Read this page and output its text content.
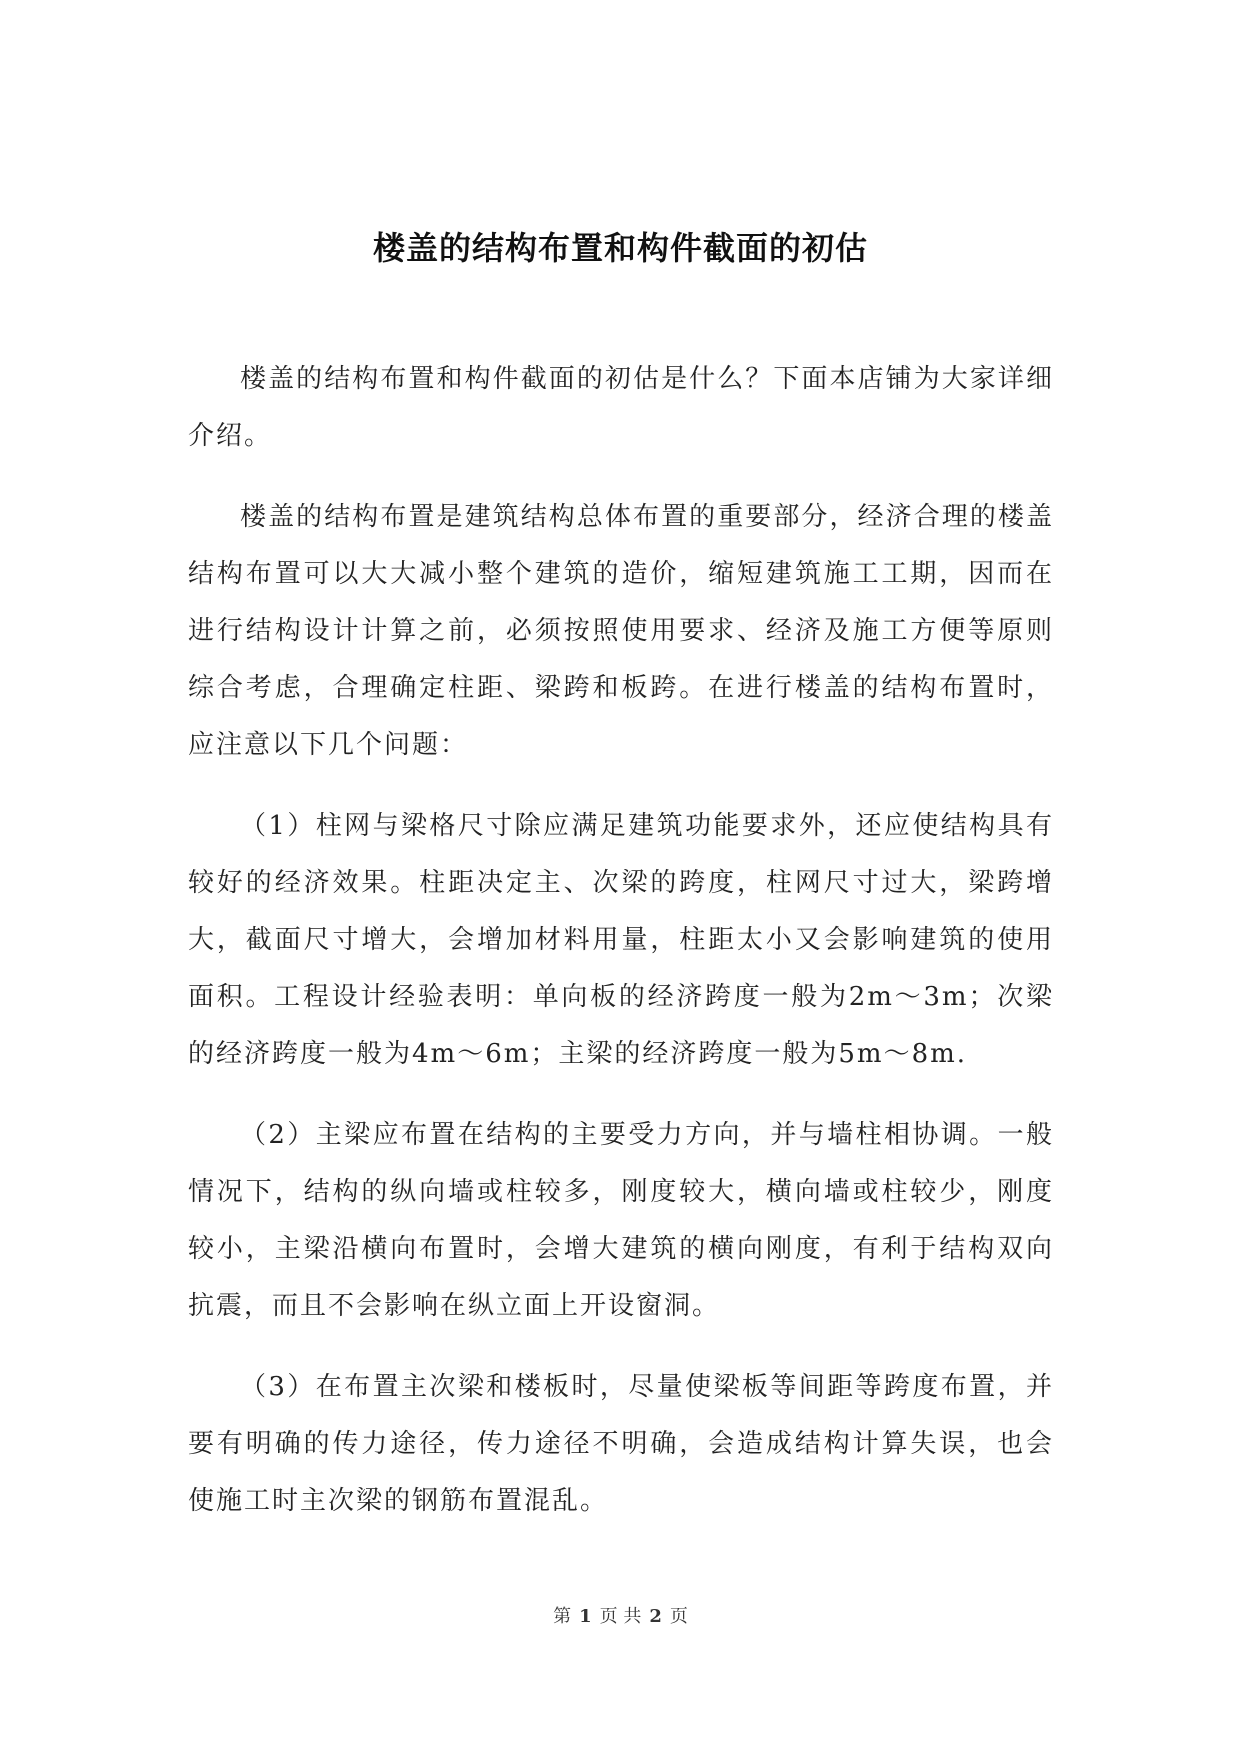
楼盖的结构布置和构件截面的初估

楼盖的结构布置和构件截面的初估是什么？下面本店铺为大家详细介绍。

楼盖的结构布置是建筑结构总体布置的重要部分，经济合理的楼盖结构布置可以大大减小整个建筑的造价，缩短建筑施工工期，因而在进行结构设计计算之前，必须按照使用要求、经济及施工方便等原则综合考虑，合理确定柱距、梁跨和板跨。在进行楼盖的结构布置时，应注意以下几个问题：

（1）柱网与梁格尺寸除应满足建筑功能要求外，还应使结构具有较好的经济效果。柱距决定主、次梁的跨度，柱网尺寸过大，梁跨增大，截面尺寸增大，会增加材料用量，柱距太小又会影响建筑的使用面积。工程设计经验表明：单向板的经济跨度一般为2m～3m；次梁的经济跨度一般为4m～6m；主梁的经济跨度一般为5m～8m.

（2）主梁应布置在结构的主要受力方向，并与墙柱相协调。一般情况下，结构的纵向墙或柱较多，刚度较大，横向墙或柱较少，刚度较小，主梁沿横向布置时，会增大建筑的横向刚度，有利于结构双向抗震，而且不会影响在纵立面上开设窗洞。

（3）在布置主次梁和楼板时，尽量使梁板等间距等跨度布置，并要有明确的传力途径，传力途径不明确，会造成结构计算失误，也会使施工时主次梁的钢筋布置混乱。

第 1 页 共 2 页
